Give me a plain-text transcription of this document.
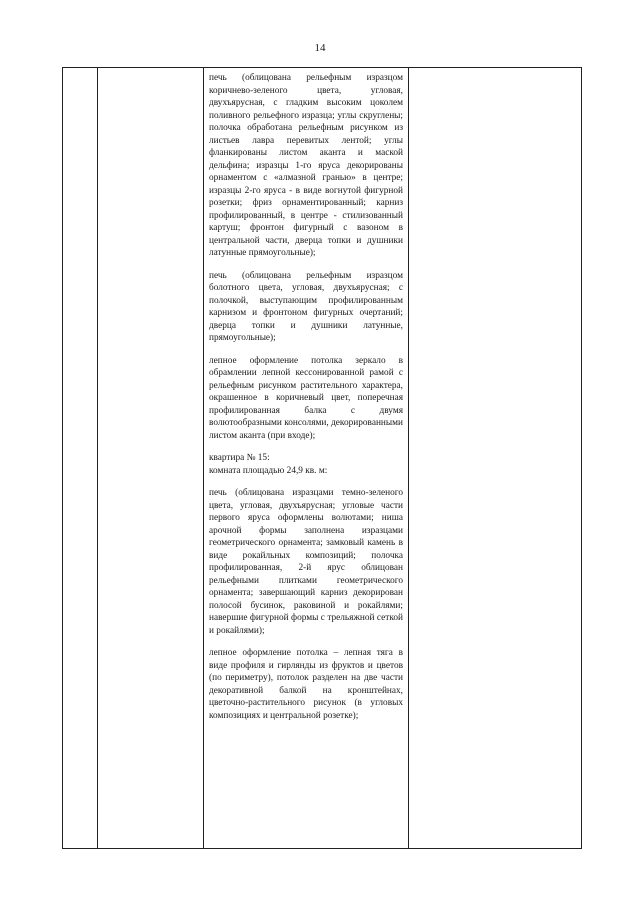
14

печь (облицована рельефным изразцом коричнево-зеленого цвета, угловая, двухъярусная, с гладким высоким цоколем поливного рельефного изразца; углы скруглены; полочка обработана рельефным рисунком из листьев лавра перевитых лентой; углы фланкированы листом аканта и маской дельфина; изразцы 1-го яруса декорированы орнаментом с «алмазной гранью» в центре; изразцы 2-го яруса - в виде вогнутой фигурной розетки; фриз орнаментированный; карниз профилированный, в центре - стилизованный картуш; фронтон фигурный с вазоном в центральной части, дверца топки и душники латунные прямоугольные);

печь (облицована рельефным изразцом болотного цвета, угловая, двухъярусная; с полочкой, выступающим профилированным карнизом и фронтоном фигурных очертаний; дверца топки и душники латунные, прямоугольные);

лепное оформление потолка зеркало в обрамлении лепной кессонированной рамой с рельефным рисунком растительного характера, окрашенное в коричневый цвет, поперечная профилированная балка с двумя волютообразными консолями, декорированными листом аканта (при входе);

квартира № 15:

комната площадью 24,9 кв. м:

печь (облицована изразцами темно-зеленого цвета, угловая, двухъярусная; угловые части первого яруса оформлены волютами; ниша арочной формы заполнена изразцами геометрического орнамента; замковый камень в виде рокайльных композиций; полочка профилированная, 2-й ярус облицован рельефными плитками геометрического орнамента; завершающий карниз декорирован полосой бусинок, раковиной и рокайлями; навершие фигурной формы с трельяжной сеткой и рокайлями);

лепное оформление потолка – лепная тяга в виде профиля и гирлянды из фруктов и цветов (по периметру), потолок разделен на две части декоративной балкой на кронштейнах, цветочно-растительного рисунок (в угловых композициях и центральной розетке);
